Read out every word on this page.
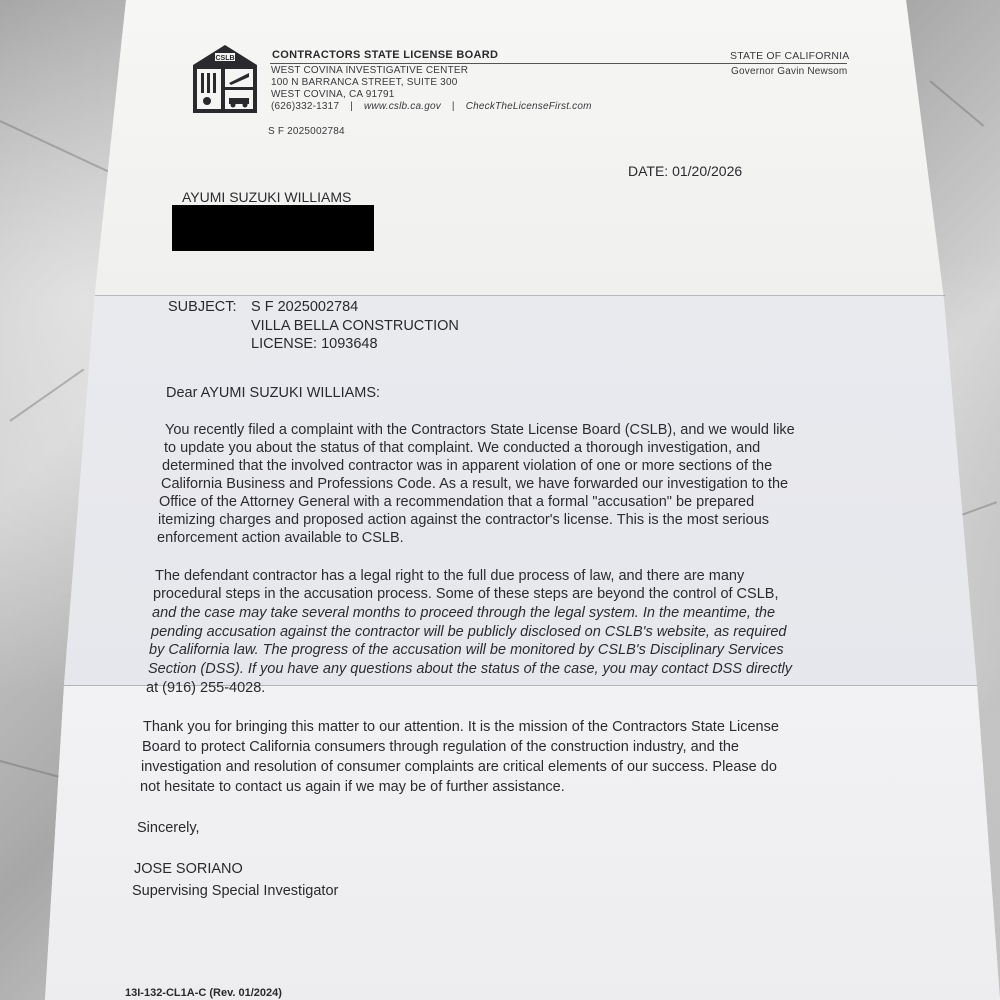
CSLB	CONTRACTORS STATE LICENSE BOARD
WEST COVINA INVESTIGATIVE CENTER
100 N BARRANCA STREET, SUITE 300
WEST COVINA, CA 91791
(626)332-1317 | www.cslb.ca.gov | CheckTheLicenseFirst.com
STATE OF CALIFORNIA
Governor Gavin Newsom
S F 2025002784
DATE: 01/20/2026
AYUMI SUZUKI WILLIAMS
SUBJECT: S F 2025002784
VILLA BELLA CONSTRUCTION
LICENSE: 1093648
Dear AYUMI SUZUKI WILLIAMS:
You recently filed a complaint with the Contractors State License Board (CSLB), and we would like
to update you about the status of that complaint. We conducted a thorough investigation, and
determined that the involved contractor was in apparent violation of one or more sections of the
California Business and Professions Code. As a result, we have forwarded our investigation to the
Office of the Attorney General with a recommendation that a formal "accusation" be prepared
itemizing charges and proposed action against the contractor's license. This is the most serious
enforcement action available to CSLB.
The defendant contractor has a legal right to the full due process of law, and there are many
procedural steps in the accusation process. Some of these steps are beyond the control of CSLB,
and the case may take several months to proceed through the legal system. In the meantime, the
pending accusation against the contractor will be publicly disclosed on CSLB's website, as required
by California law. The progress of the accusation will be monitored by CSLB's Disciplinary Services
Section (DSS). If you have any questions about the status of the case, you may contact DSS directly
at (916) 255-4028.
Thank you for bringing this matter to our attention. It is the mission of the Contractors State License
Board to protect California consumers through regulation of the construction industry, and the
investigation and resolution of consumer complaints are critical elements of our success. Please do
not hesitate to contact us again if we may be of further assistance.
Sincerely,
JOSE SORIANO
Supervising Special Investigator
13I-132-CL1A-C (Rev. 01/2024)
